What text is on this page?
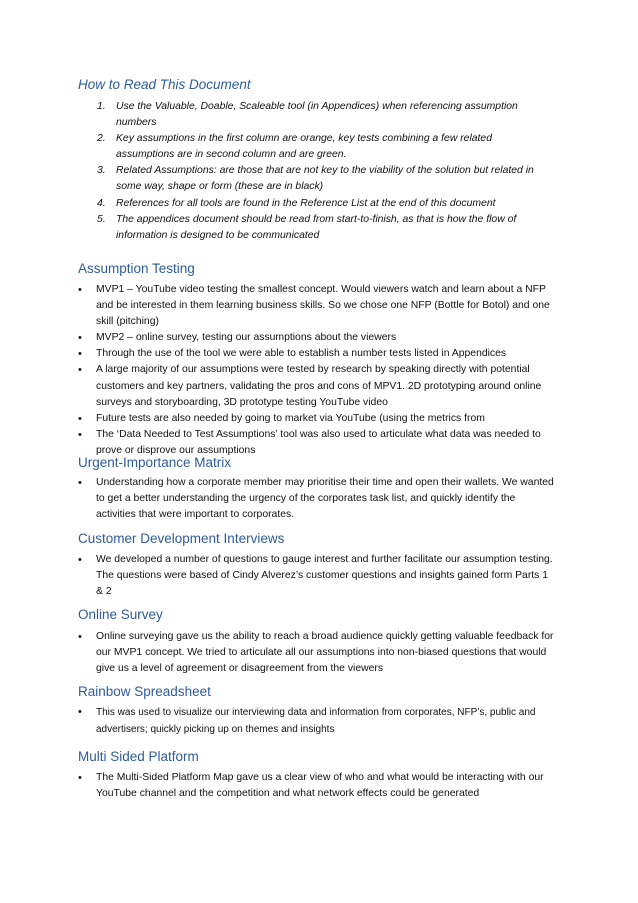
How to Read This Document
1. Use the Valuable, Doable, Scaleable tool (in Appendices) when referencing assumption numbers
2. Key assumptions in the first column are orange, key tests combining a few related assumptions are in second column and are green.
3. Related Assumptions: are those that are not key to the viability of the solution but related in some way, shape or form (these are in black)
4. References for all tools are found in the Reference List at the end of this document
5. The appendices document should be read from start-to-finish, as that is how the flow of information is designed to be communicated
Assumption Testing
• MVP1 – YouTube video testing the smallest concept. Would viewers watch and learn about a NFP and be interested in them learning business skills. So we chose one NFP (Bottle for Botol) and one skill (pitching)
• MVP2 – online survey, testing our assumptions about the viewers
• Through the use of the tool we were able to establish a number tests listed in Appendices
• A large majority of our assumptions were tested by research by speaking directly with potential customers and key partners, validating the pros and cons of MPV1. 2D prototyping around online surveys and storyboarding, 3D prototype testing YouTube video
• Future tests are also needed by going to market via YouTube (using the metrics from
• The ‘Data Needed to Test Assumptions’ tool was also used to articulate what data was needed to prove or disprove our assumptions
Urgent-Importance Matrix
• Understanding how a corporate member may prioritise their time and open their wallets. We wanted to get a better understanding the urgency of the corporates task list, and quickly identify the activities that were important to corporates.
Customer Development Interviews
• We developed a number of questions to gauge interest and further facilitate our assumption testing. The questions were based of Cindy Alverez’s customer questions and insights gained form Parts 1 & 2
Online Survey
• Online surveying gave us the ability to reach a broad audience quickly getting valuable feedback for our MVP1 concept. We tried to articulate all our assumptions into non-biased questions that would give us a level of agreement or disagreement from the viewers
Rainbow Spreadsheet
• This was used to visualize our interviewing data and information from corporates, NFP’s, public and advertisers; quickly picking up on themes and insights
Multi Sided Platform
• The Multi-Sided Platform Map gave us a clear view of who and what would be interacting with our YouTube channel and the competition and what network effects could be generated
